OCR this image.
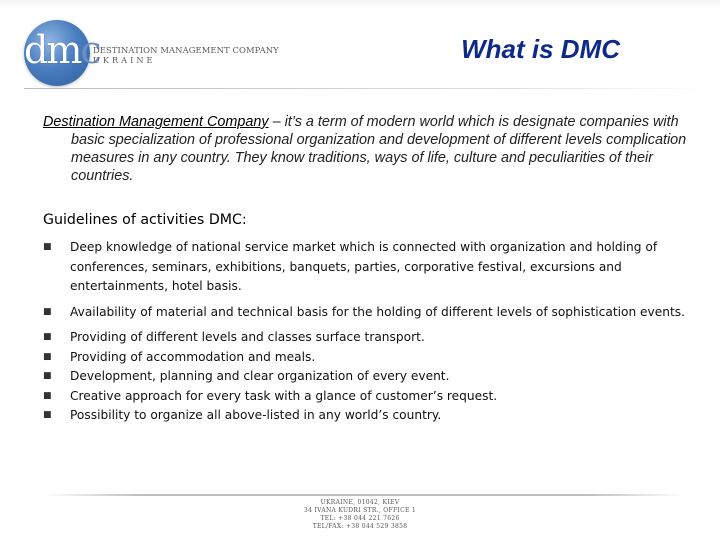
dmc
DESTINATION MANAGEMENT COMPANY
UKRAINE	What is DMC
Destination Management Company – it’s a term of modern world which is designate companies with basic specialization of professional organization and development of different levels complication measures in any country. They know traditions, ways of life, culture and peculiarities of their countries.
Guidelines of activities DMC:
■ Deep knowledge of national service market which is connected with organization and holding of conferences, seminars, exhibitions, banquets, parties, corporative festival, excursions and entertainments, hotel basis.
■ Availability of material and technical basis for the holding of different levels of sophistication events.
■ Providing of different levels and classes surface transport.
■ Providing of accommodation and meals.
■ Development, planning and clear organization of every event.
■ Creative approach for every task with a glance of customer’s request.
■ Possibility to organize all above-listed in any world’s country.
UKRAINE, 01042, KIEV
34 IVANA KUDRI STR., OFFICE 1
TEL: +38 044 221 7626
TEL/FAX: +38 044 529 3858
